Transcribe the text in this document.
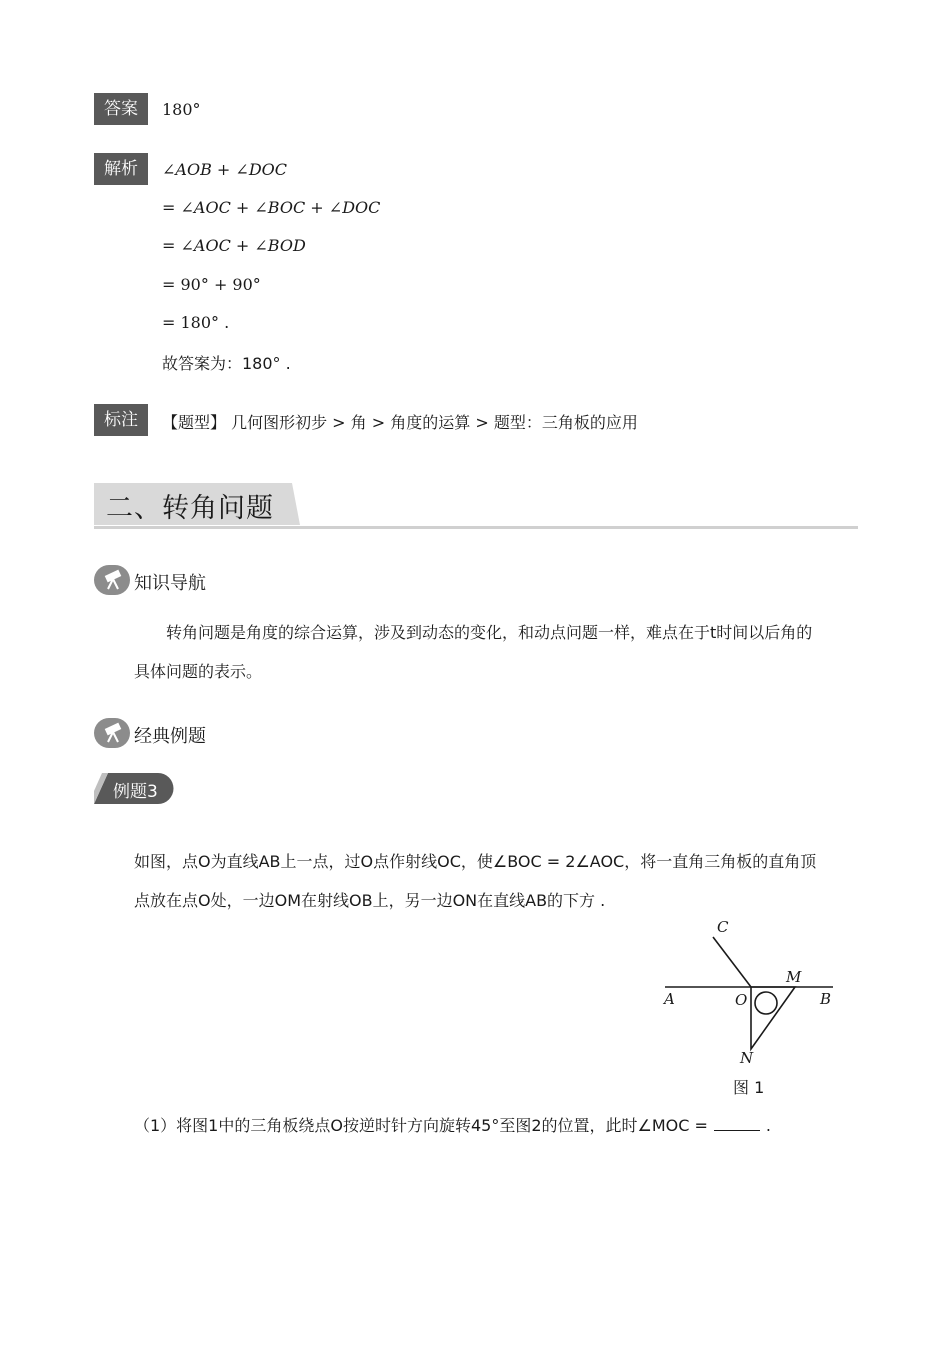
答案	180°
解析	∠AOB + ∠DOC
= ∠AOC + ∠BOC + ∠DOC
= ∠AOC + ∠BOD
= 90° + 90°
= 180° .
故答案为：180° .
标注	【题型】 几何图形初步 > 角 > 角度的运算 > 题型：三角板的应用
二、转角问题
知识导航
转角问题是角度的综合运算，涉及到动态的变化，和动点问题一样，难点在于t时间以后角的
具体问题的表示。
经典例题
例题3
如图，点O为直线AB上一点，过O点作射线OC，使∠BOC = 2∠AOC，将一直角三角板的直角顶
点放在点O处，一边OM在射线OB上，另一边ON在直线AB的下方 .
C
M
A	O	B
N
图 1
（1）将图1中的三角板绕点O按逆时针方向旋转45°至图2的位置，此时∠MOC =	.
